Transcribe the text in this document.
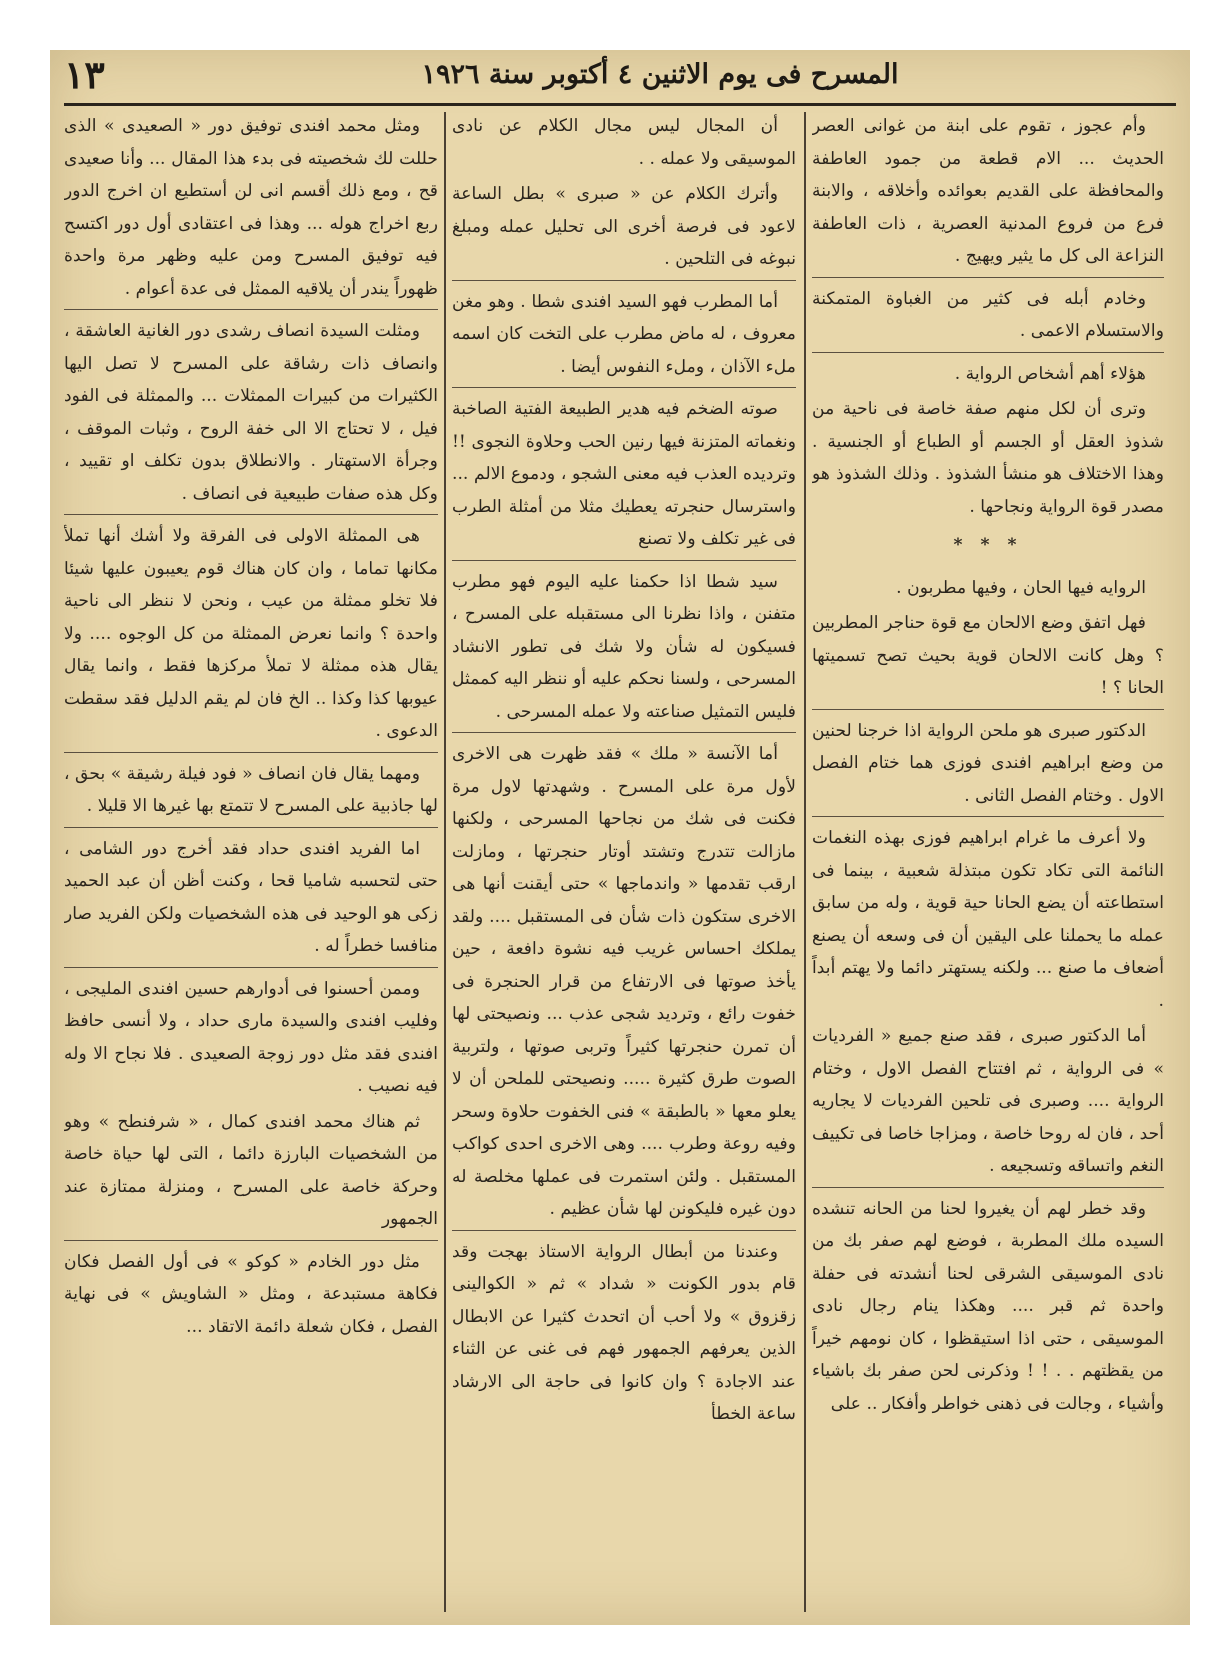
المسرح فى يوم الاثنين ٤ أكتوبر سنة ١٩٢٦
١٣

وأم عجوز ، تقوم على ابنة من غوانى العصر الحديث ... الام قطعة من جمود العاطفة والمحافظة على القديم بعوائده وأخلاقه ، والابنة فرع من فروع المدنية العصرية ، ذات العاطفة النزاعة الى كل ما يثير ويهيج .

وخادم أبله فى كثير من الغباوة المتمكنة والاستسلام الاعمى .

هؤلاء أهم أشخاص الرواية .

وترى أن لكل منهم صفة خاصة فى ناحية من شذوذ العقل أو الجسم أو الطباع أو الجنسية . وهذا الاختلاف هو منشأ الشذوذ . وذلك الشذوذ هو مصدر قوة الرواية ونجاحها .

* * *

الروايه فيها الحان ، وفيها مطربون .

فهل اتفق وضع الالحان مع قوة حناجر المطربين ؟ وهل كانت الالحان قوية بحيث تصح تسميتها الحانا ؟ !

الدكتور صبرى هو ملحن الرواية اذا خرجنا لحنين من وضع ابراهيم افندى فوزى هما ختام الفصل الاول . وختام الفصل الثانى .

ولا أعرف ما غرام ابراهيم فوزى بهذه النغمات النائمة التى تكاد تكون مبتذلة شعبية ، بينما فى استطاعته أن يضع الحانا حية قوية ، وله من سابق عمله ما يحملنا على اليقين أن فى وسعه أن يصنع أضعاف ما صنع ... ولكنه يستهتر دائما ولا يهتم أبداً .

أما الدكتور صبرى ، فقد صنع جميع « الفرديات » فى الرواية ، ثم افتتاح الفصل الاول ، وختام الرواية .... وصبرى فى تلحين الفرديات لا يجاريه أحد ، فان له روحا خاصة ، ومزاجا خاصا فى تكييف النغم واتساقه وتسجيعه .

وقد خطر لهم أن يغيروا لحنا من الحانه تنشده السيده ملك المطربة ، فوضع لهم صفر بك من نادى الموسيقى الشرقى لحنا أنشدته فى حفلة واحدة ثم قبر .... وهكذا ينام رجال نادى الموسيقى ، حتى اذا استيقظوا ، كان نومهم خيراً من يقظتهم . . ! ! وذكرنى لحن صفر بك باشياء وأشياء ، وجالت فى ذهنى خواطر وأفكار .. على

أن المجال ليس مجال الكلام عن نادى الموسيقى ولا عمله . .

وأترك الكلام عن « صبرى » بطل الساعة لاعود فى فرصة أخرى الى تحليل عمله ومبلغ نبوغه فى التلحين .

أما المطرب فهو السيد افندى شطا . وهو مغن معروف ، له ماض مطرب على التخت كان اسمه ملء الآذان ، وملء النفوس أيضا .

صوته الضخم فيه هدير الطبيعة الفتية الصاخبة ونغماته المتزنة فيها رنين الحب وحلاوة النجوى !! وترديده العذب فيه معنى الشجو ، ودموع الالم ... واسترسال حنجرته يعطيك مثلا من أمثلة الطرب فى غير تكلف ولا تصنع

سيد شطا اذا حكمنا عليه اليوم فهو مطرب متفنن ، واذا نظرنا الى مستقبله على المسرح ، فسيكون له شأن ولا شك فى تطور الانشاد المسرحى ، ولسنا نحكم عليه أو ننظر اليه كممثل فليس التمثيل صناعته ولا عمله المسرحى .

أما الآنسة « ملك » فقد ظهرت هى الاخرى لأول مرة على المسرح . وشهدتها لاول مرة فكنت فى شك من نجاحها المسرحى ، ولكنها مازالت تتدرج وتشتد أوتار حنجرتها ، ومازلت ارقب تقدمها « واندماجها » حتى أيقنت أنها هى الاخرى ستكون ذات شأن فى المستقبل .... ولقد يملكك احساس غريب فيه نشوة دافعة ، حين يأخذ صوتها فى الارتفاع من قرار الحنجرة فى خفوت رائع ، وترديد شجى عذب ... ونصيحتى لها أن تمرن حنجرتها كثيراً وتربى صوتها ، ولتربية الصوت طرق كثيرة ..... ونصيحتى للملحن أن لا يعلو معها « بالطبقة » فنى الخفوت حلاوة وسحر وفيه روعة وطرب .... وهى الاخرى احدى كواكب المستقبل . ولئن استمرت فى عملها مخلصة له دون غيره فليكونن لها شأن عظيم .

وعندنا من أبطال الرواية الاستاذ بهجت وقد قام بدور الكونت « شداد » ثم « الكوالينى زقزوق » ولا أحب أن اتحدث كثيرا عن الابطال الذين يعرفهم الجمهور فهم فى غنى عن الثناء عند الاجادة ؟ وان كانوا فى حاجة الى الارشاد ساعة الخطأ

ومثل محمد افندى توفيق دور « الصعيدى » الذى حللت لك شخصيته فى بدء هذا المقال ... وأنا صعيدى قح ، ومع ذلك أقسم انى لن أستطيع ان اخرج الدور ربع اخراج هوله ... وهذا فى اعتقادى أول دور اكتسح فيه توفيق المسرح ومن عليه وظهر مرة واحدة ظهوراً يندر أن يلاقيه الممثل فى عدة أعوام .

ومثلت السيدة انصاف رشدى دور الغانية العاشقة ، وانصاف ذات رشاقة على المسرح لا تصل اليها الكثيرات من كبيرات الممثلات ... والممثلة فى الفود فيل ، لا تحتاج الا الى خفة الروح ، وثبات الموقف ، وجرأة الاستهتار . والانطلاق بدون تكلف او تقييد ، وكل هذه صفات طبيعية فى انصاف .

هى الممثلة الاولى فى الفرقة ولا أشك أنها تملأ مكانها تماما ، وان كان هناك قوم يعيبون عليها شيئا فلا تخلو ممثلة من عيب ، ونحن لا ننظر الى ناحية واحدة ؟ وانما نعرض الممثلة من كل الوجوه .... ولا يقال هذه ممثلة لا تملأ مركزها فقط ، وانما يقال عيوبها كذا وكذا .. الخ فان لم يقم الدليل فقد سقطت الدعوى .

ومهما يقال فان انصاف « فود فيلة رشيقة » بحق ، لها جاذبية على المسرح لا تتمتع بها غيرها الا قليلا .

اما الفريد افندى حداد فقد أخرج دور الشامى ، حتى لتحسبه شاميا قحا ، وكنت أظن أن عبد الحميد زكى هو الوحيد فى هذه الشخصيات ولكن الفريد صار منافسا خطراً له .

وممن أحسنوا فى أدوارهم حسين افندى المليجى ، وفليب افندى والسيدة مارى حداد ، ولا أنسى حافظ افندى فقد مثل دور زوجة الصعيدى . فلا نجاح الا وله فيه نصيب .

ثم هناك محمد افندى كمال ، « شرفنطح » وهو من الشخصيات البارزة دائما ، التى لها حياة خاصة وحركة خاصة على المسرح ، ومنزلة ممتازة عند الجمهور

مثل دور الخادم « كوكو » فى أول الفصل فكان فكاهة مستبدعة ، ومثل « الشاويش » فى نهاية الفصل ، فكان شعلة دائمة الاتقاد ...
